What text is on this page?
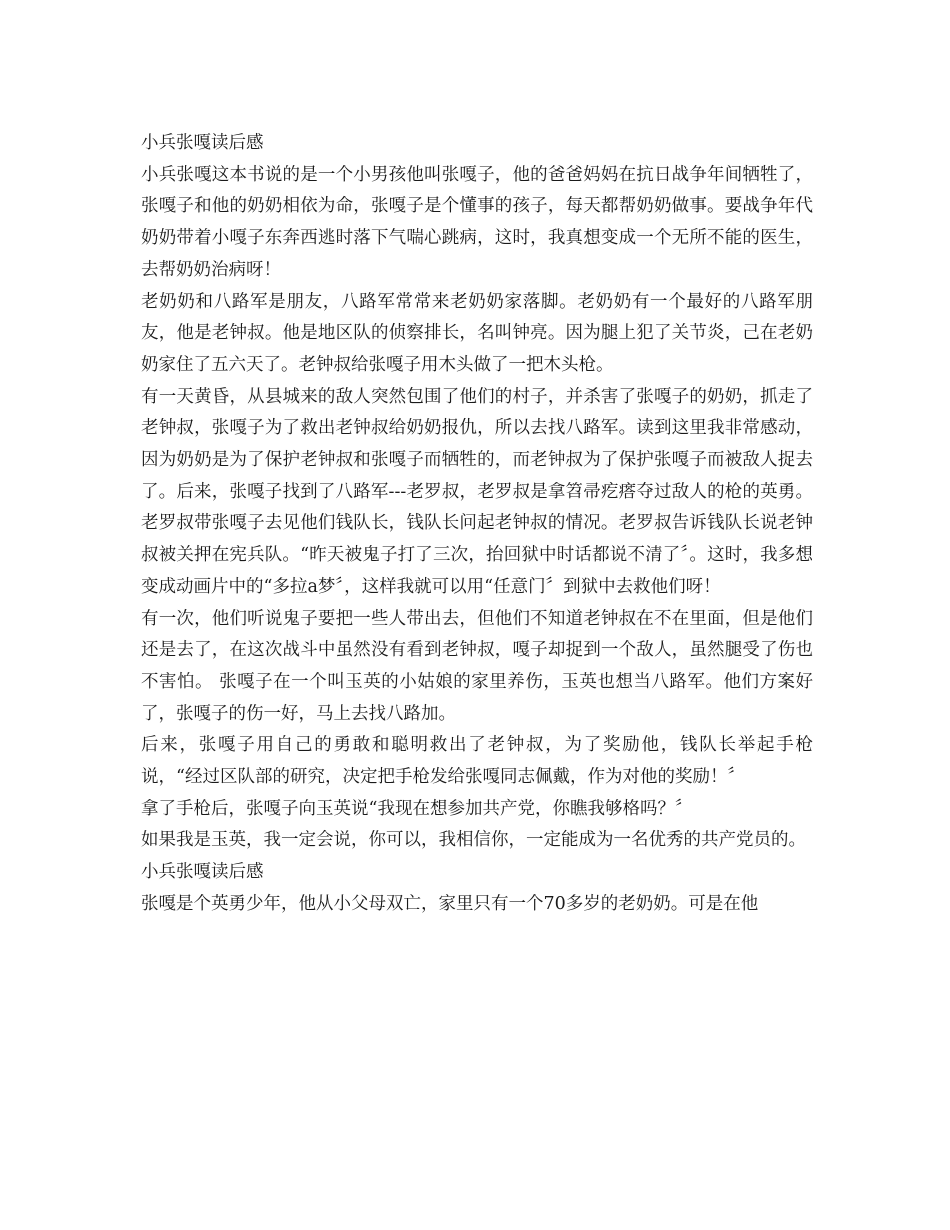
小兵张嘎读后感

小兵张嘎这本书说的是一个小男孩他叫张嘎子，他的爸爸妈妈在抗日战争年间牺牲了，张嘎子和他的奶奶相依为命，张嘎子是个懂事的孩子，每天都帮奶奶做事。要战争年代奶奶带着小嘎子东奔西逃时落下气喘心跳病，这时，我真想变成一个无所不能的医生，去帮奶奶治病呀！

老奶奶和八路军是朋友，八路军常常来老奶奶家落脚。老奶奶有一个最好的八路军朋友，他是老钟叔。他是地区队的侦察排长，名叫钟亮。因为腿上犯了关节炎，己在老奶奶家住了五六天了。老钟叔给张嘎子用木头做了一把木头枪。

有一天黄昏，从县城来的敌人突然包围了他们的村子，并杀害了张嘎子的奶奶，抓走了老钟叔，张嘎子为了救出老钟叔给奶奶报仇，所以去找八路军。读到这里我非常感动，因为奶奶是为了保护老钟叔和张嘎子而牺牲的，而老钟叔为了保护张嘎子而被敌人捉去了。后来，张嘎子找到了八路军---老罗叔，老罗叔是拿笤帚疙瘩夺过敌人的枪的英勇。老罗叔带张嘎子去见他们钱队长，钱队长问起老钟叔的情况。老罗叔告诉钱队长说老钟叔被关押在宪兵队。“昨天被鬼子打了三次，抬回狱中时话都说不清了〞。这时，我多想变成动画片中的“多拉a梦〞，这样我就可以用“任意门〞到狱中去救他们呀！

有一次，他们听说鬼子要把一些人带出去，但他们不知道老钟叔在不在里面，但是他们还是去了，在这次战斗中虽然没有看到老钟叔，嘎子却捉到一个敌人，虽然腿受了伤也不害怕。 张嘎子在一个叫玉英的小姑娘的家里养伤，玉英也想当八路军。他们方案好了，张嘎子的伤一好，马上去找八路加。

后来，张嘎子用自己的勇敢和聪明救出了老钟叔，为了奖励他，钱队长举起手枪说，“经过区队部的研究，决定把手枪发给张嘎同志佩戴，作为对他的奖励！〞

拿了手枪后，张嘎子向玉英说“我现在想参加共产党，你瞧我够格吗？〞

如果我是玉英，我一定会说，你可以，我相信你，一定能成为一名优秀的共产党员的。

小兵张嘎读后感

张嘎是个英勇少年，他从小父母双亡，家里只有一个70多岁的老奶奶。可是在他
